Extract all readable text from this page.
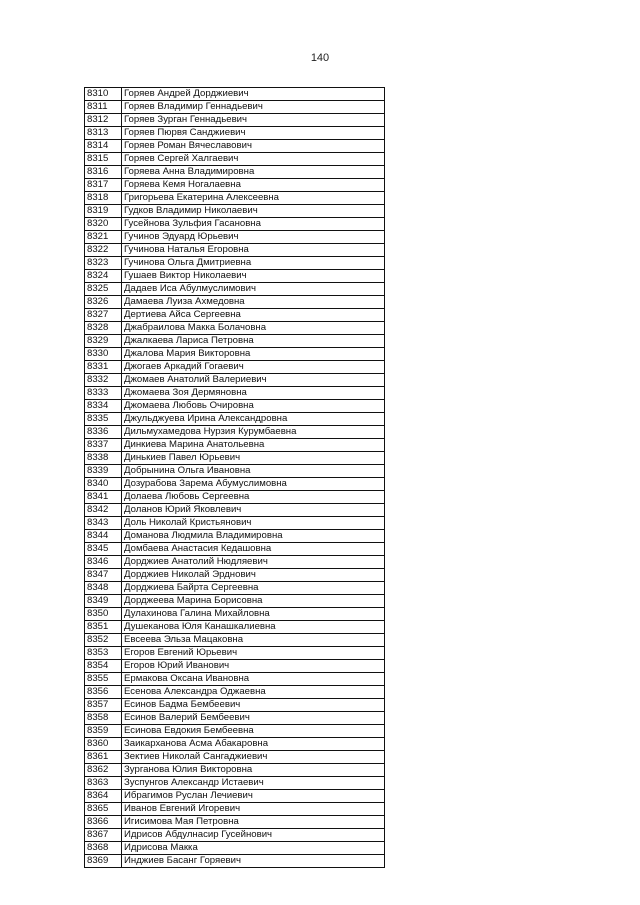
140
8310	Горяев Андрей Дорджиевич
8311	Горяев Владимир Геннадьевич
8312	Горяев Зурган Геннадьевич
8313	Горяев Пюрвя Санджиевич
8314	Горяев Роман Вячеславович
8315	Горяев Сергей Халгаевич
8316	Горяева Анна Владимировна
8317	Горяева Кемя Ногалаевна
8318	Григорьева Екатерина Алексеевна
8319	Гудков Владимир Николаевич
8320	Гусейнова Зульфия Гасановна
8321	Гучинов Эдуард Юрьевич
8322	Гучинова Наталья Егоровна
8323	Гучинова Ольга Дмитриевна
8324	Гушаев Виктор Николаевич
8325	Дадаев Иса Абулмуслимович
8326	Дамаева Луиза Ахмедовна
8327	Дертиева Айса Сергеевна
8328	Джабраилова Макка Болачовна
8329	Джалкаева Лариса Петровна
8330	Джалова Мария Викторовна
8331	Джогаев Аркадий Гогаевич
8332	Джомаев Анатолий Валериевич
8333	Джомаева Зоя Дермяновна
8334	Джомаева Любовь Очировна
8335	Джульджуева Ирина Александровна
8336	Дильмухамедова Нурзия Курумбаевна
8337	Динкиева Марина Анатольевна
8338	Динькиев Павел Юрьевич
8339	Добрынина Ольга Ивановна
8340	Дозурабова Зарема Абумуслимовна
8341	Долаева Любовь Сергеевна
8342	Доланов Юрий Яковлевич
8343	Доль Николай Кристьянович
8344	Доманова Людмила Владимировна
8345	Домбаева Анастасия Кедашовна
8346	Дорджиев Анатолий Нюдляевич
8347	Дорджиев Николай Эрднович
8348	Дорджиева Байрта Сергеевна
8349	Дорджеева Марина Борисовна
8350	Дулахинова Галина Михайловна
8351	Душеканова Юля Канашкалиевна
8352	Евсеева Эльза Мацаковна
8353	Егоров Евгений Юрьевич
8354	Егоров Юрий Иванович
8355	Ермакова Оксана Ивановна
8356	Есенова Александра Оджаевна
8357	Есинов Бадма Бембеевич
8358	Есинов Валерий Бембеевич
8359	Есинова Евдокия Бембеевна
8360	Заикарханова Асма Абакаровна
8361	Зектиев Николай Сангаджиевич
8362	Зурганова Юлия Викторовна
8363	Зуспунгов Александр Истаевич
8364	Ибрагимов Руслан Лечиевич
8365	Иванов Евгений Игоревич
8366	Игисимова Мая Петровна
8367	Идрисов Абдулнасир Гусейнович
8368	Идрисова Макка
8369	Инджиев Басанг Горяевич
